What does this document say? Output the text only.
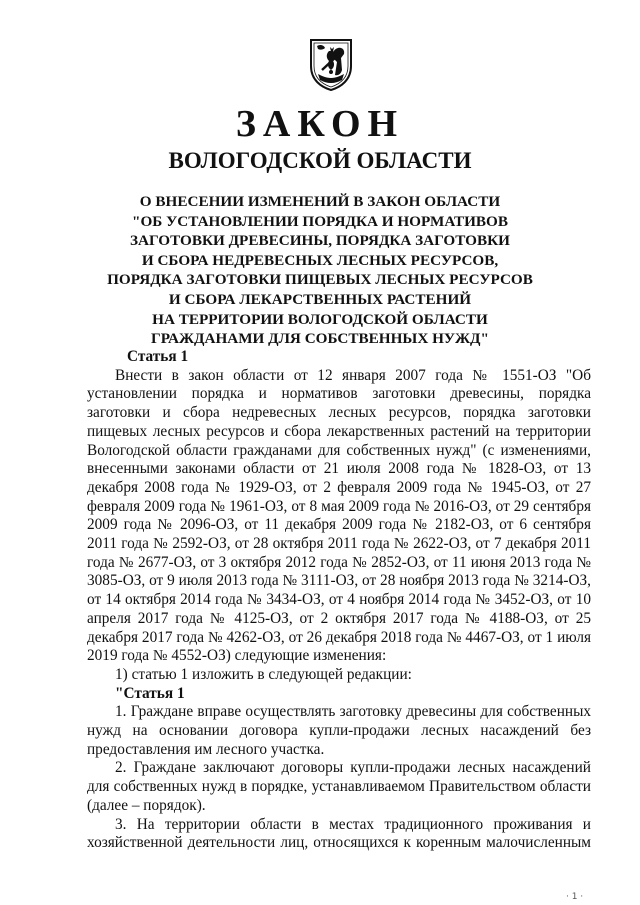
ЗАКОН
ВОЛОГОДСКОЙ ОБЛАСТИ
О ВНЕСЕНИИ ИЗМЕНЕНИЙ В ЗАКОН ОБЛАСТИ
"ОБ УСТАНОВЛЕНИИ ПОРЯДКА И НОРМАТИВОВ
ЗАГОТОВКИ ДРЕВЕСИНЫ, ПОРЯДКА ЗАГОТОВКИ
И СБОРА НЕДРЕВЕСНЫХ ЛЕСНЫХ РЕСУРСОВ,
ПОРЯДКА ЗАГОТОВКИ ПИЩЕВЫХ ЛЕСНЫХ РЕСУРСОВ
И СБОРА ЛЕКАРСТВЕННЫХ РАСТЕНИЙ
НА ТЕРРИТОРИИ ВОЛОГОДСКОЙ ОБЛАСТИ
ГРАЖДАНАМИ ДЛЯ СОБСТВЕННЫХ НУЖД"

Статья 1

Внести в закон области от 12 января 2007 года № 1551-ОЗ "Об установлении порядка и нормативов заготовки древесины, порядка заготовки и сбора недревесных лесных ресурсов, порядка заготовки пищевых лесных ресурсов и сбора лекарственных растений на территории Вологодской области гражданами для собственных нужд" (с изменениями, внесенными законами области от 21 июля 2008 года № 1828-ОЗ, от 13 декабря 2008 года № 1929-ОЗ, от 2 февраля 2009 года № 1945-ОЗ, от 27 февраля 2009 года № 1961-ОЗ, от 8 мая 2009 года № 2016-ОЗ, от 29 сентября 2009 года № 2096-ОЗ, от 11 декабря 2009 года № 2182-ОЗ, от 6 сентября 2011 года № 2592-ОЗ, от 28 октября 2011 года № 2622-ОЗ, от 7 декабря 2011 года № 2677-ОЗ, от 3 октября 2012 года № 2852-ОЗ, от 11 июня 2013 года № 3085-ОЗ, от 9 июля 2013 года № 3111-ОЗ, от 28 ноября 2013 года № 3214-ОЗ, от 14 октября 2014 года № 3434-ОЗ, от 4 ноября 2014 года № 3452-ОЗ, от 10 апреля 2017 года № 4125-ОЗ, от 2 октября 2017 года № 4188-ОЗ, от 25 декабря 2017 года № 4262-ОЗ, от 26 декабря 2018 года № 4467-ОЗ, от 1 июля 2019 года № 4552-ОЗ) следующие изменения:

1) статью 1 изложить в следующей редакции:

"Статья 1

1. Граждане вправе осуществлять заготовку древесины для собственных нужд на основании договора купли-продажи лесных насаждений без предоставления им лесного участка.

2. Граждане заключают договоры купли-продажи лесных насаждений для собственных нужд в порядке, устанавливаемом Правительством области (далее – порядок).

3. На территории области в местах традиционного проживания и хозяйственной деятельности лиц, относящихся к коренным малочисленным

· 1 ·
